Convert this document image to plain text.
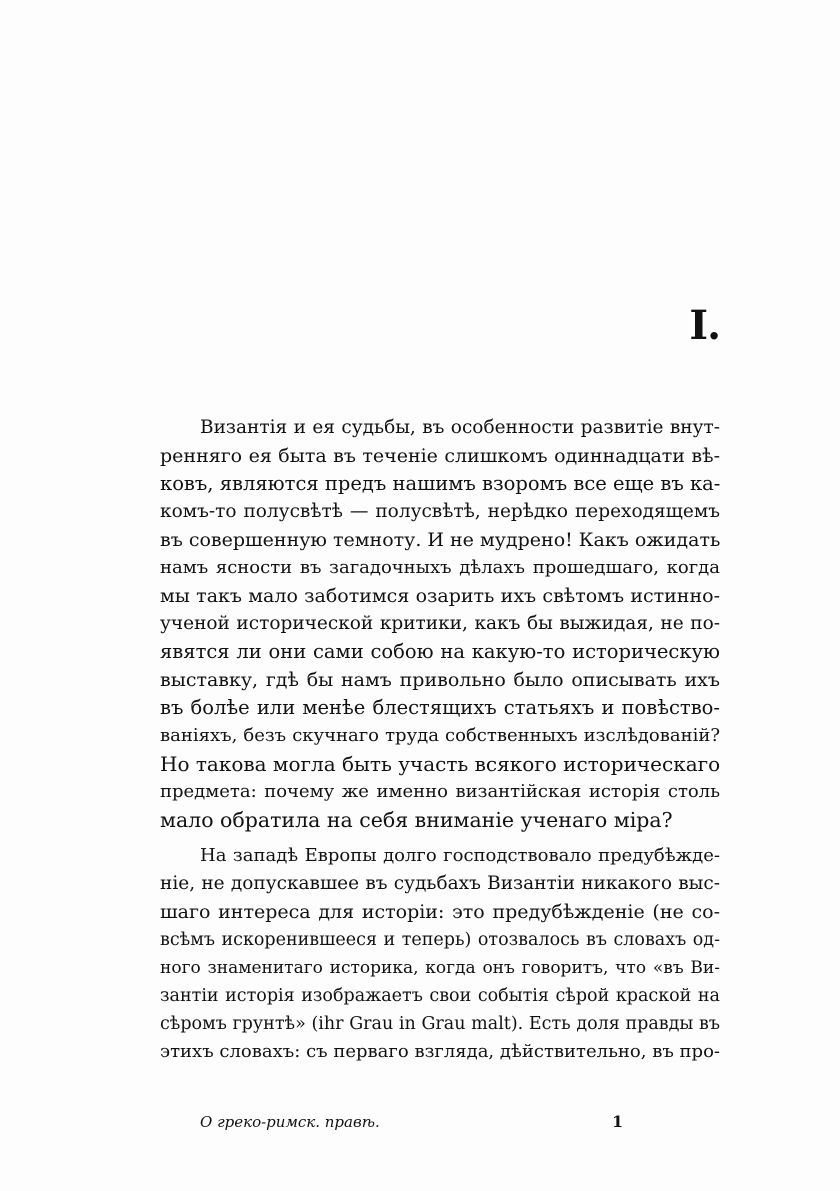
I.
Византія и ея судьбы, въ особенности развитіе внут-
ренняго ея быта въ теченіе слишкомъ одиннадцати вѣ-
ковъ, являются предъ нашимъ взоромъ все еще въ ка-
комъ-то полусвѣтѣ — полусвѣтѣ, нерѣдко переходящемъ
въ совершенную темноту. И не мудрено! Какъ ожидать
намъ ясности въ загадочныхъ дѣлахъ прошедшаго, когда
мы такъ мало заботимся озарить ихъ свѣтомъ истинно-
ученой исторической критики, какъ бы выжидая, не по-
явятся ли они сами собою на какую-то историческую
выставку, гдѣ бы намъ привольно было описывать ихъ
въ болѣе или менѣе блестящихъ статьяхъ и повѣство-
ваніяхъ, безъ скучнаго труда собственныхъ изслѣдованій?
Но такова могла быть участь всякого историческаго
предмета: почему же именно византійская исторія столь
мало обратила на себя вниманіе ученаго міра?
На западѣ Европы долго господствовало предубѣжде-
ніе, не допускавшее въ судьбахъ Византіи никакого выс-
шаго интереса для исторіи: это предубѣжденіе (не со-
всѣмъ искоренившееся и теперь) отозвалось въ словахъ од-
ного знаменитаго историка, когда онъ говоритъ, что «въ Ви-
зантіи исторія изображаетъ свои событія сѣрой краской на
сѣромъ грунтѣ» (ihr Grau in Grau malt). Есть доля правды въ
этихъ словахъ: съ перваго взгляда, дѣйствительно, въ про-
О греко-римск. правѣ.	1
